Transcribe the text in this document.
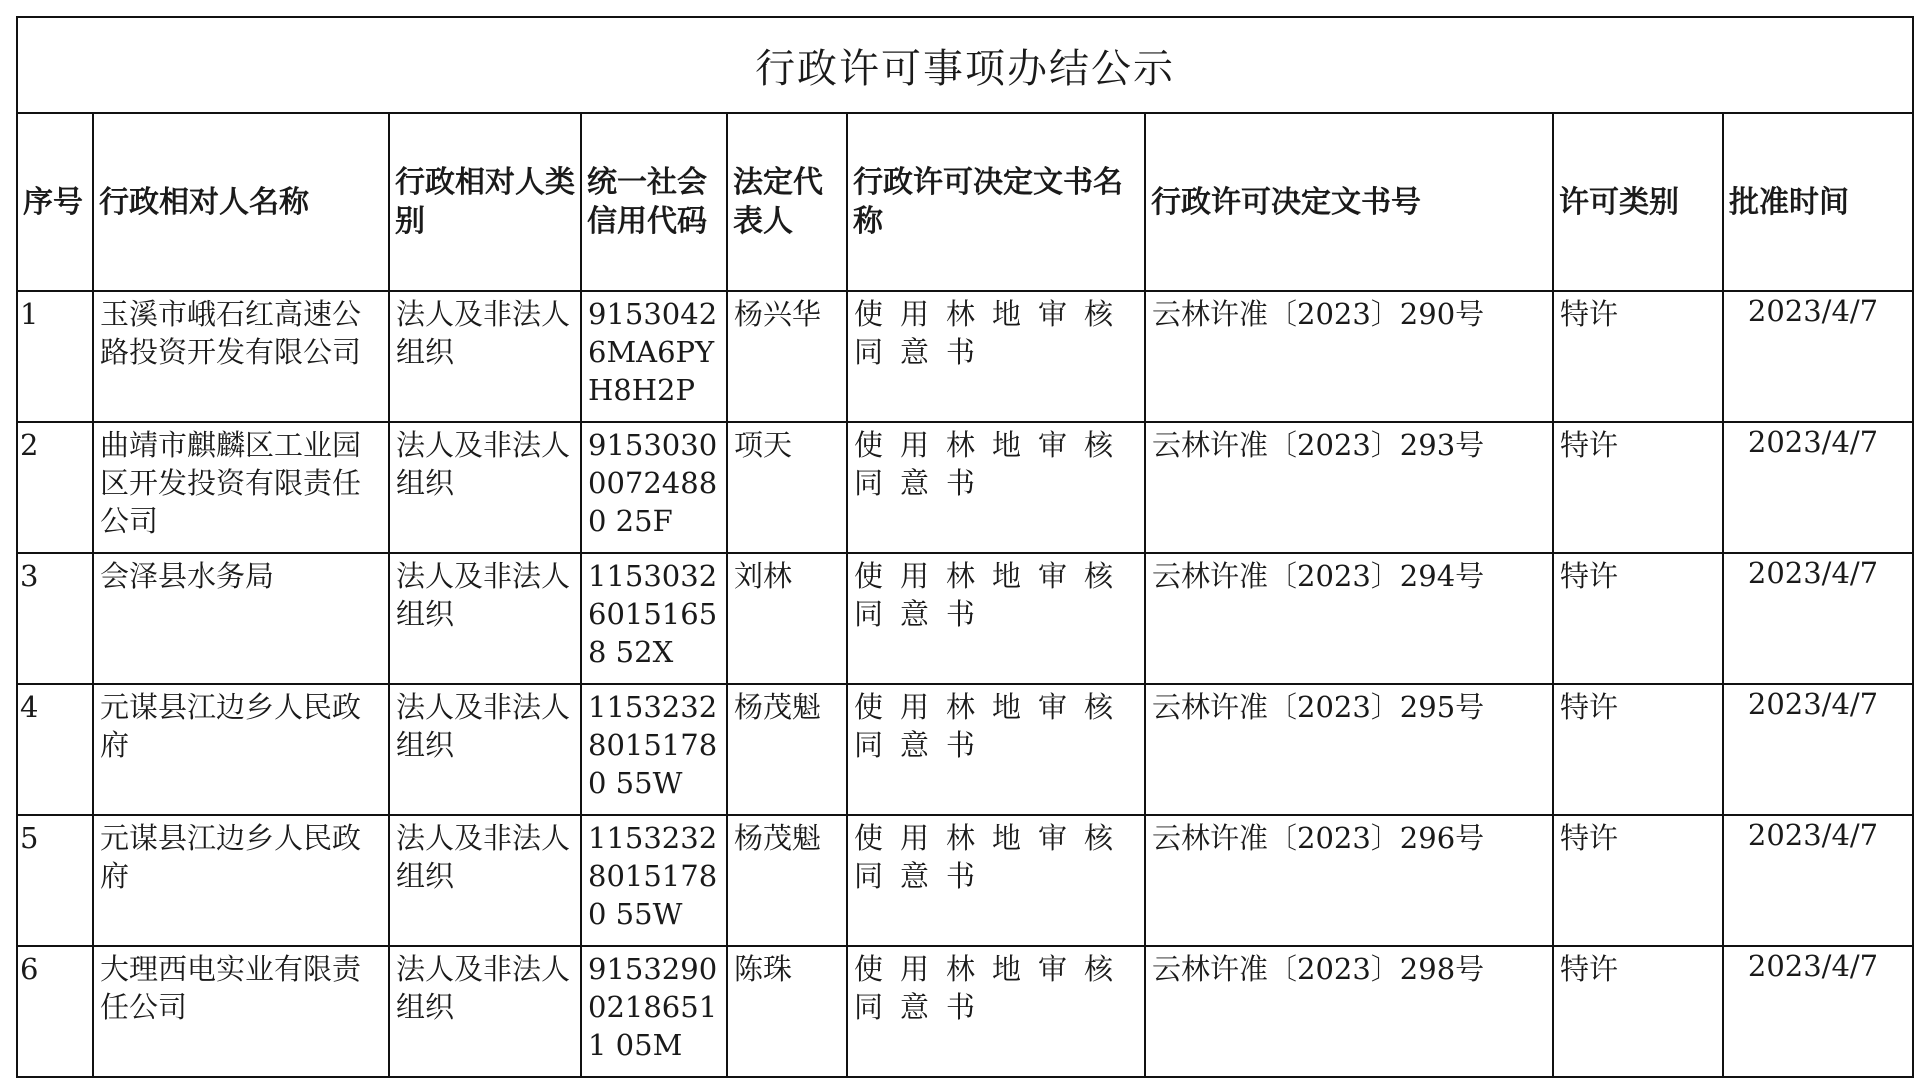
行政许可事项办结公示								
序号	行政相对人名称	行政相对人类别	统一社会信用代码	法定代表人	行政许可决定文书名称	行政许可决定文书号	许可类别	批准时间
1	玉溪市峨石红高速公路投资开发有限公司	法人及非法人组织	91530426MA6PYH8H2P	杨兴华	使用林地审核同意书	云林许准〔2023〕290号	特许	2023/4/7
2	曲靖市麒麟区工业园区开发投资有限责任公司	法人及非法人组织	915303000724880 25F	项天	使用林地审核同意书	云林许准〔2023〕293号	特许	2023/4/7
3	会泽县水务局	法人及非法人组织	115303260151658 52X	刘林	使用林地审核同意书	云林许准〔2023〕294号	特许	2023/4/7
4	元谋县江边乡人民政府	法人及非法人组织	115323280151780 55W	杨茂魁	使用林地审核同意书	云林许准〔2023〕295号	特许	2023/4/7
5	元谋县江边乡人民政府	法人及非法人组织	115323280151780 55W	杨茂魁	使用林地审核同意书	云林许准〔2023〕296号	特许	2023/4/7
6	大理西电实业有限责任公司	法人及非法人组织	915329002186511 05M	陈珠	使用林地审核同意书	云林许准〔2023〕298号	特许	2023/4/7
